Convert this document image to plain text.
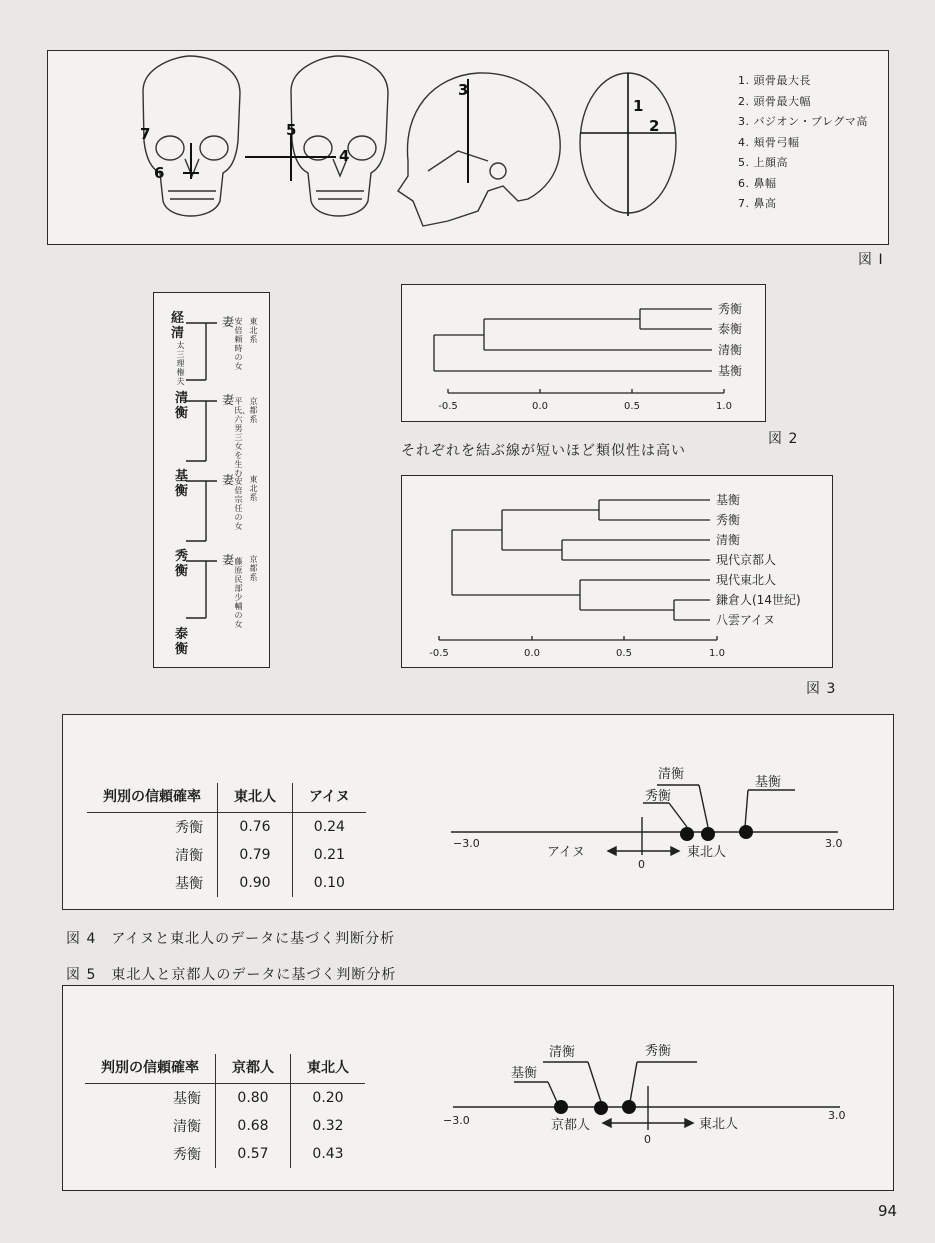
7
6
5
4
3
1
2
1. 頭骨最大長
2. 頭骨最大幅
3. バジオン・ブレグマ高
4. 頬骨弓幅
5. 上顔高
6. 鼻幅
7. 鼻高
図 I
経清
太三理権夫
妻 安倍頼時の女
東北系
清衡
妻 平氏、六男三女を生む
京都系
基衡
妻 安倍宗任の女
東北系
秀衡
妻 藤原民部少輔の女
京都系
泰衡
秀衡
泰衡
清衡
基衡
-0.5	0.0	0.5	1.0
図 2
それぞれを結ぶ線が短いほど類似性は高い
基衡
秀衡
清衡
現代京都人
現代東北人
鎌倉人(14世紀)
八雲アイヌ
-0.5	0.0	0.5	1.0
図 3
判別の信頼確率	東北人	アイヌ
秀衡	0.76	0.24
清衡	0.79	0.21
基衡	0.90	0.10
秀衡
清衡
基衡
アイヌ	東北人
−3.0	3.0
0
図 4　アイヌと東北人のデータに基づく判断分析
図 5　東北人と京都人のデータに基づく判断分析
判別の信頼確率	京都人	東北人
基衡	0.80	0.20
清衡	0.68	0.32
秀衡	0.57	0.43
基衡
清衡	秀衡
京都人	東北人
−3.0	3.0
0
94
